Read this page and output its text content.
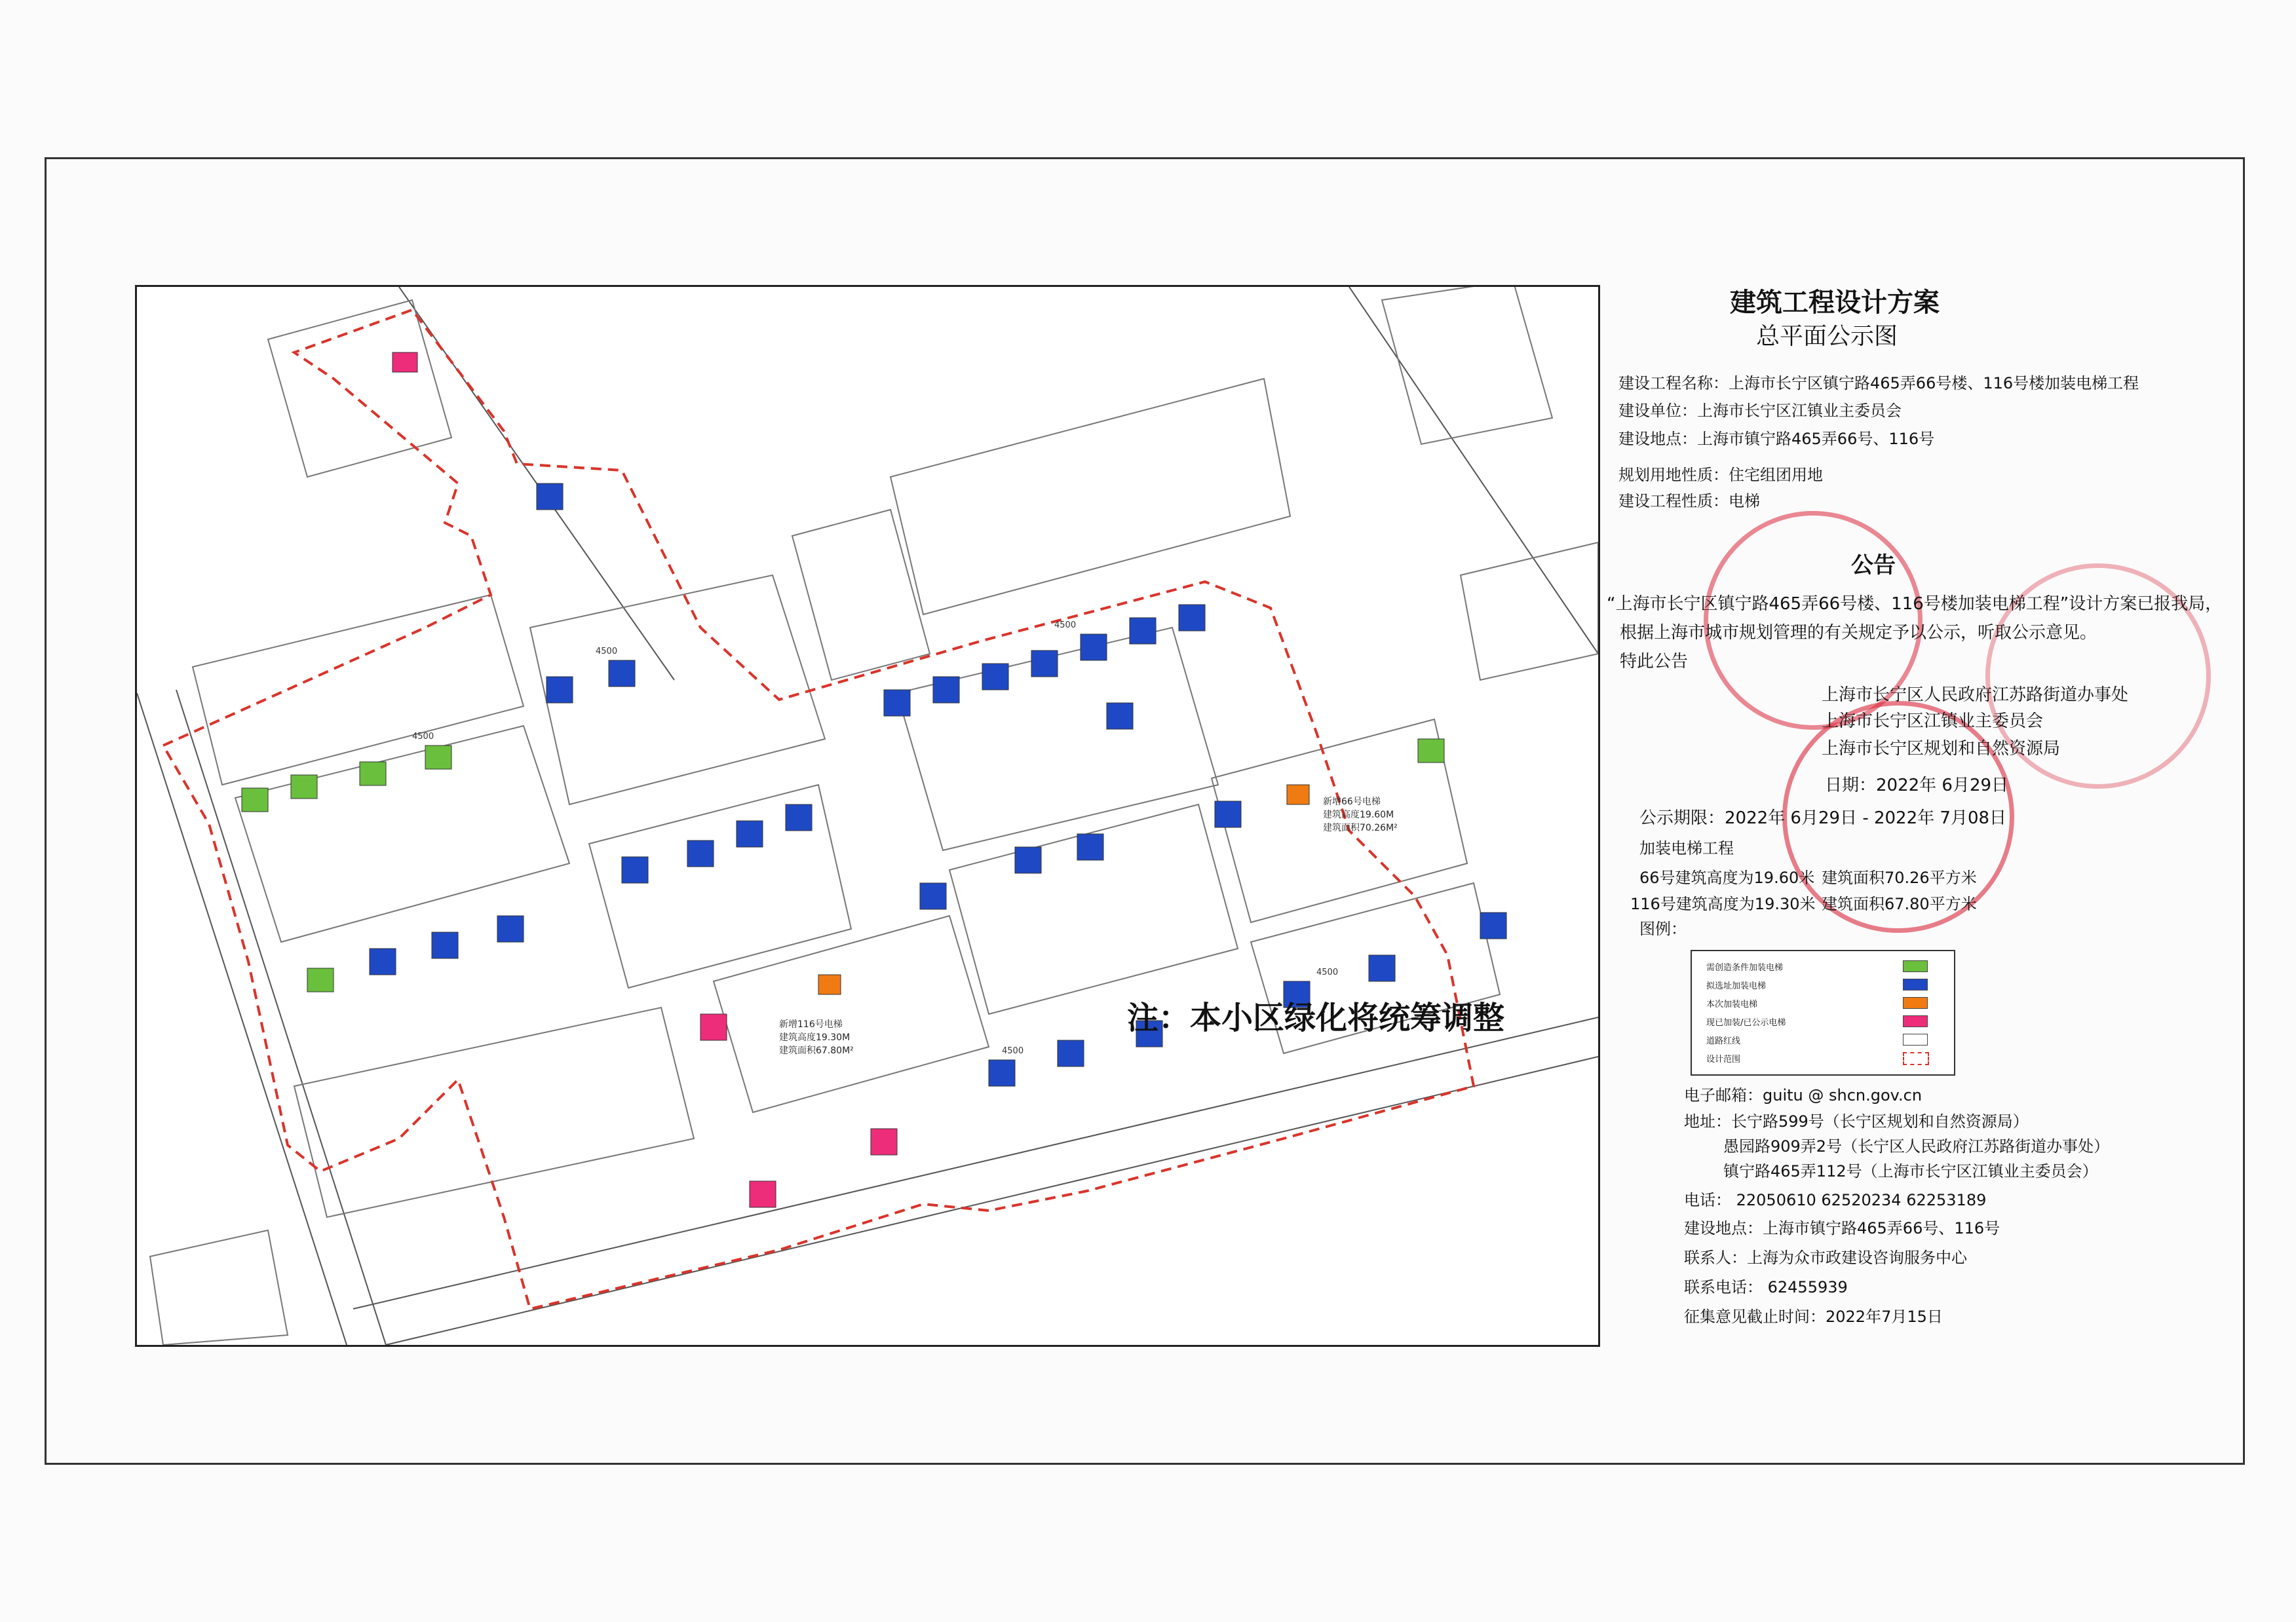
新增66号电梯
建筑高度19.60M
建筑面积70.26M²
新增116号电梯
建筑高度19.30M
建筑面积67.80M²
4500
4500
4500
4500
4500
注：本小区绿化将统筹调整
建筑工程设计方案
总平面公示图
建设工程名称：上海市长宁区镇宁路465弄66号楼、116号楼加装电梯工程
建设单位：上海市长宁区江镇业主委员会
建设地点：上海市镇宁路465弄66号、116号
规划用地性质：住宅组团用地
建设工程性质：电梯
公告
“上海市长宁区镇宁路465弄66号楼、116号楼加装电梯工程”设计方案已报我局，
根据上海市城市规划管理的有关规定予以公示，听取公示意见。
特此公告
上海市长宁区人民政府江苏路街道办事处
上海市长宁区江镇业主委员会
上海市长宁区规划和自然资源局
日期：2022年 6月29日
公示期限：2022年 6月29日 - 2022年 7月08日
加装电梯工程
66号建筑高度为19.60米 建筑面积70.26平方米
116号建筑高度为19.30米 建筑面积67.80平方米
图例：
需创造条件加装电梯
拟选址加装电梯
本次加装电梯
现已加装/已公示电梯
道路红线
设计范围
电子邮箱：guitu @ shcn.gov.cn
地址：长宁路599号（长宁区规划和自然资源局）
愚园路909弄2号（长宁区人民政府江苏路街道办事处）
镇宁路465弄112号（上海市长宁区江镇业主委员会）
电话： 22050610 62520234 62253189
建设地点：上海市镇宁路465弄66号、116号
联系人：上海为众市政建设咨询服务中心
联系电话： 62455939
征集意见截止时间：2022年7月15日
